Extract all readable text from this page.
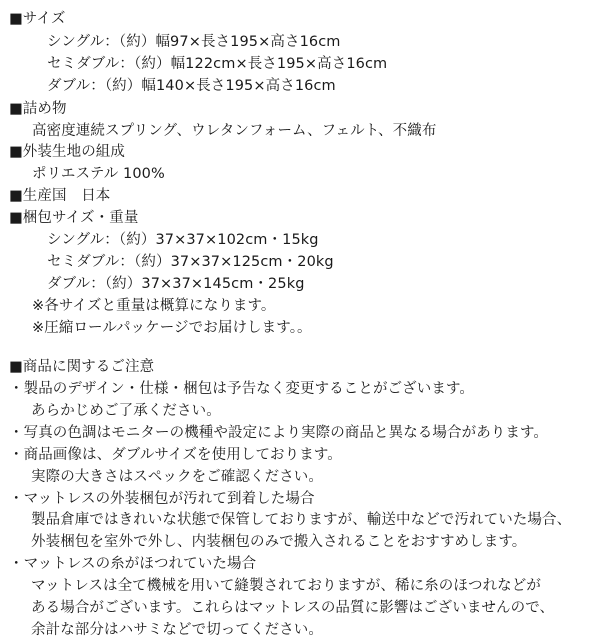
■サイズ
シングル：（約）幅97×長さ195×高さ16cm
セミダブル：（約）幅122cm×長さ195×高さ16cm
ダブル：（約）幅140×長さ195×高さ16cm
■詰め物
高密度連続スプリング、ウレタンフォーム、フェルト、不織布
■外装生地の組成
ポリエステル 100%
■生産国　日本
■梱包サイズ・重量
シングル：（約）37×37×102cm・15kg
セミダブル：（約）37×37×125cm・20kg
ダブル：（約）37×37×145cm・25kg
※各サイズと重量は概算になります。
※圧縮ロールパッケージでお届けします。。
■商品に関するご注意
・製品のデザイン・仕様・梱包は予告なく変更することがございます。
あらかじめご了承ください。
・写真の色調はモニターの機種や設定により実際の商品と異なる場合があります。
・商品画像は、ダブルサイズを使用しております。
実際の大きさはスペックをご確認ください。
・マットレスの外装梱包が汚れて到着した場合
製品倉庫ではきれいな状態で保管しておりますが、輸送中などで汚れていた場合、
外装梱包を室外で外し、内装梱包のみで搬入されることをおすすめします。
・マットレスの糸がほつれていた場合
マットレスは全て機械を用いて縫製されておりますが、稀に糸のほつれなどが
ある場合がございます。これらはマットレスの品質に影響はございませんので、
余計な部分はハサミなどで切ってください。
